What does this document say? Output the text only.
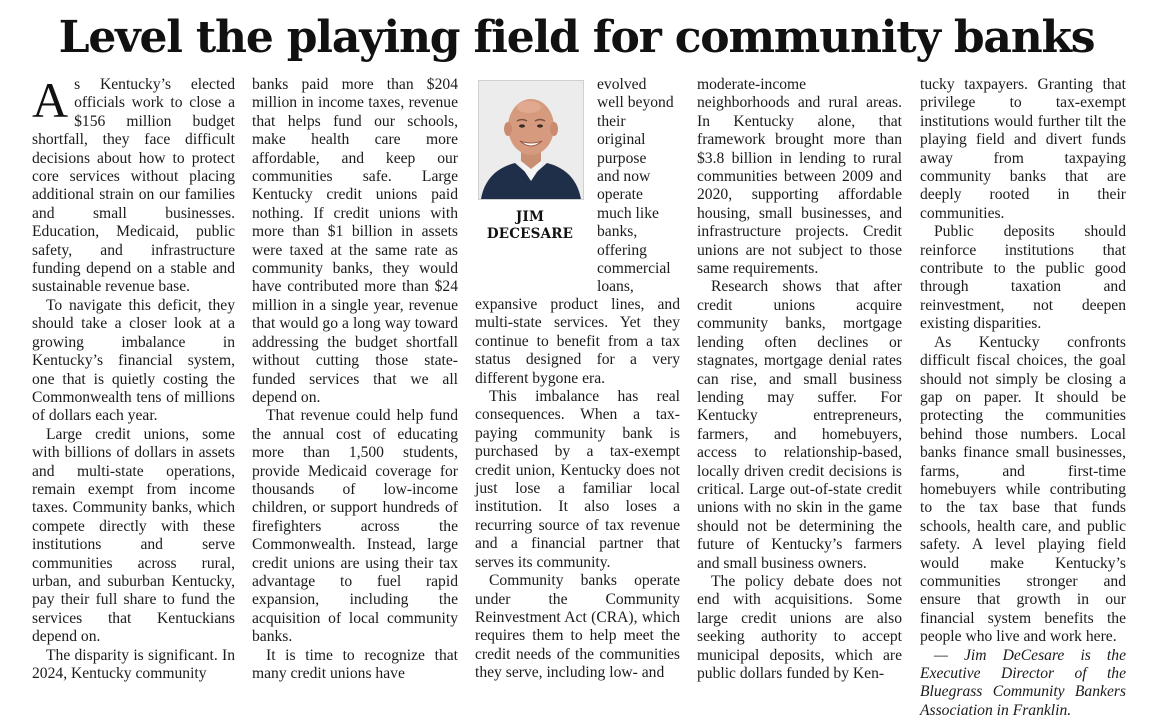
Level the playing field for community banks

As Kentucky’s elected officials work to close a $156 million budget shortfall, they face difficult decisions about how to protect core services without placing additional strain on our families and small businesses. Education, Medicaid, public safety, and infrastructure funding depend on a stable and sustainable revenue base.

To navigate this deficit, they should take a closer look at a growing imbalance in Kentucky’s financial system, one that is quietly costing the Commonwealth tens of millions of dollars each year.

Large credit unions, some with billions of dollars in assets and multi-state operations, remain exempt from income taxes. Community banks, which compete directly with these institutions and serve communities across rural, urban, and suburban Kentucky, pay their full share to fund the services that Kentuckians depend on.

The disparity is significant. In 2024, Kentucky community

banks paid more than $204 million in income taxes, revenue that helps fund our schools, make health care more affordable, and keep our communities safe. Large Kentucky credit unions paid nothing. If credit unions with more than $1 billion in assets were taxed at the same rate as community banks, they would have contributed more than $24 million in a single year, revenue that would go a long way toward addressing the budget shortfall without cutting those state-funded services that we all depend on.

That revenue could help fund the annual cost of educating more than 1,500 students, provide Medicaid coverage for thousands of low-income children, or support hundreds of firefighters across the Commonwealth. Instead, large credit unions are using their tax advantage to fuel rapid expansion, including the acquisition of local community banks.

It is time to recognize that many credit unions have

JIM
DECESARE

evolved

well beyond

their

original

purpose

and now

operate

much like

banks,

offering

commercial

loans,

expansive product lines, and multi-state services. Yet they continue to benefit from a tax status designed for a very different bygone era.

This imbalance has real consequences. When a tax-paying community bank is purchased by a tax-exempt credit union, Kentucky does not just lose a familiar local institution. It also loses a recurring source of tax revenue and a financial partner that serves its community.

Community banks operate under the Community Reinvestment Act (CRA), which requires them to help meet the credit needs of the communities they serve, including low- and

moderate-income neighborhoods and rural areas. In Kentucky alone, that framework brought more than $3.8 billion in lending to rural communities between 2009 and 2020, supporting affordable housing, small businesses, and infrastructure projects. Credit unions are not subject to those same requirements.

Research shows that after credit unions acquire community banks, mortgage lending often declines or stagnates, mortgage denial rates can rise, and small business lending may suffer. For Kentucky entrepreneurs, farmers, and homebuyers, access to relationship-based, locally driven credit decisions is critical. Large out-of-state credit unions with no skin in the game should not be determining the future of Kentucky’s farmers and small business owners.

The policy debate does not end with acquisitions. Some large credit unions are also seeking authority to accept municipal deposits, which are public dollars funded by Ken-

tucky taxpayers. Granting that privilege to tax-exempt institutions would further tilt the playing field and divert funds away from taxpaying community banks that are deeply rooted in their communities.

Public deposits should reinforce institutions that contribute to the public good through taxation and reinvestment, not deepen existing disparities.

As Kentucky confronts difficult fiscal choices, the goal should not simply be closing a gap on paper. It should be protecting the communities behind those numbers. Local banks finance small businesses, farms, and first-time homebuyers while contributing to the tax base that funds schools, health care, and public safety. A level playing field would make Kentucky’s communities stronger and ensure that growth in our financial system benefits the people who live and work here.

— Jim DeCesare is the Executive Director of the Bluegrass Community Bankers Association in Franklin.
